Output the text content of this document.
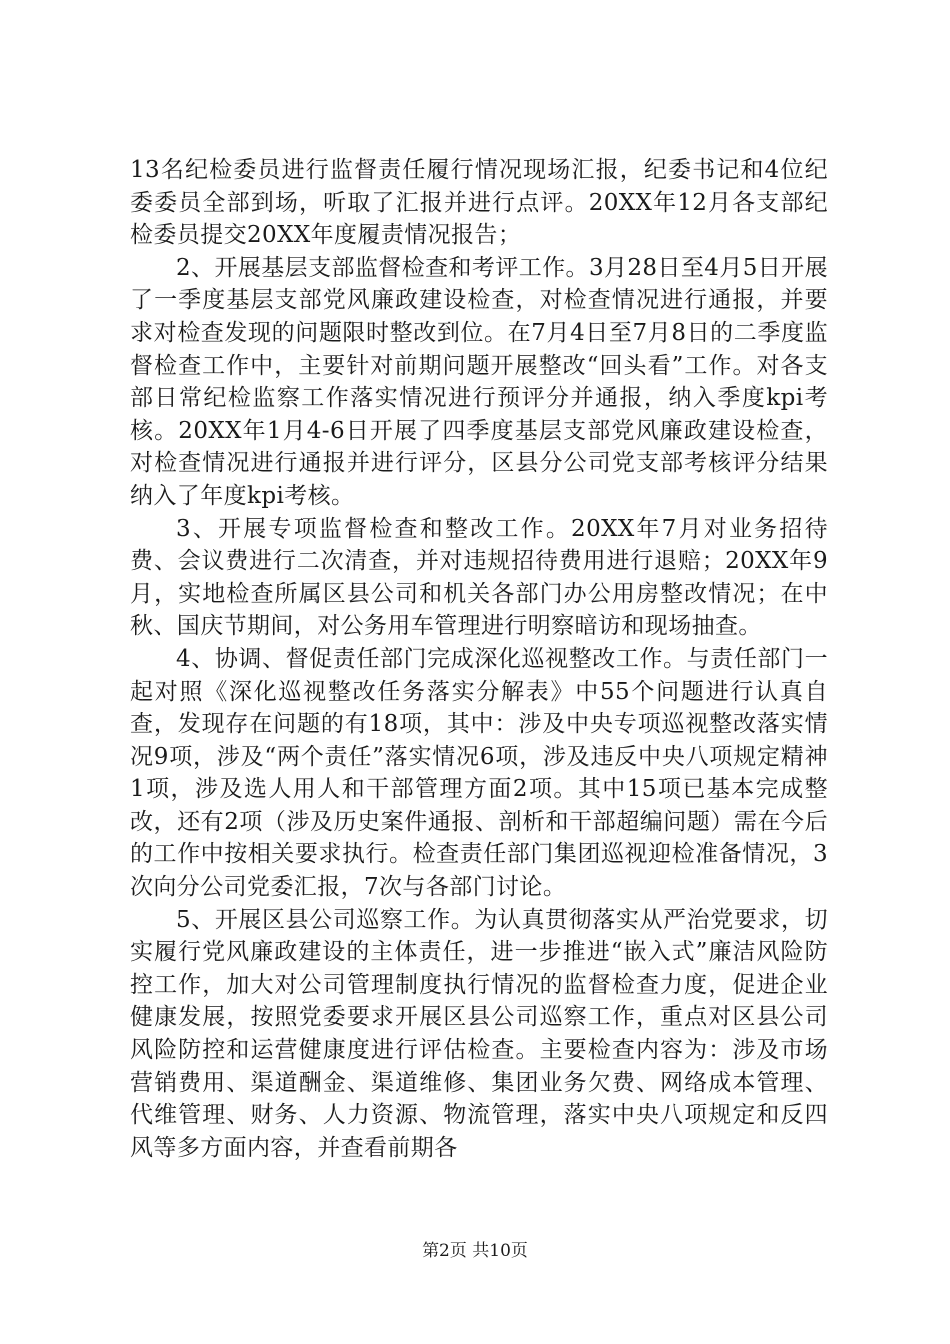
13名纪检委员进行监督责任履行情况现场汇报，纪委书记和4位纪委委员全部到场，听取了汇报并进行点评。20XX年12月各支部纪检委员提交20XX年度履责情况报告；

2、开展基层支部监督检查和考评工作。3月28日至4月5日开展了一季度基层支部党风廉政建设检查，对检查情况进行通报，并要求对检查发现的问题限时整改到位。在7月4日至7月8日的二季度监督检查工作中，主要针对前期问题开展整改“回头看”工作。对各支部日常纪检监察工作落实情况进行预评分并通报，纳入季度kpi考核。20XX年1月4-6日开展了四季度基层支部党风廉政建设检查，对检查情况进行通报并进行评分，区县分公司党支部考核评分结果纳入了年度kpi考核。

3、开展专项监督检查和整改工作。20XX年7月对业务招待费、会议费进行二次清查，并对违规招待费用进行退赔；20XX年9月，实地检查所属区县公司和机关各部门办公用房整改情况；在中秋、国庆节期间，对公务用车管理进行明察暗访和现场抽查。

4、协调、督促责任部门完成深化巡视整改工作。与责任部门一起对照《深化巡视整改任务落实分解表》中55个问题进行认真自查，发现存在问题的有18项，其中：涉及中央专项巡视整改落实情况9项，涉及“两个责任”落实情况6项，涉及违反中央八项规定精神1项，涉及选人用人和干部管理方面2项。其中15项已基本完成整改，还有2项（涉及历史案件通报、剖析和干部超编问题）需在今后的工作中按相关要求执行。检查责任部门集团巡视迎检准备情况，3次向分公司党委汇报，7次与各部门讨论。

5、开展区县公司巡察工作。为认真贯彻落实从严治党要求，切实履行党风廉政建设的主体责任，进一步推进“嵌入式”廉洁风险防控工作，加大对公司管理制度执行情况的监督检查力度，促进企业健康发展，按照党委要求开展区县公司巡察工作，重点对区县公司风险防控和运营健康度进行评估检查。主要检查内容为：涉及市场营销费用、渠道酬金、渠道维修、集团业务欠费、网络成本管理、代维管理、财务、人力资源、物流管理，落实中央八项规定和反四风等多方面内容，并查看前期各

第2页 共10页
